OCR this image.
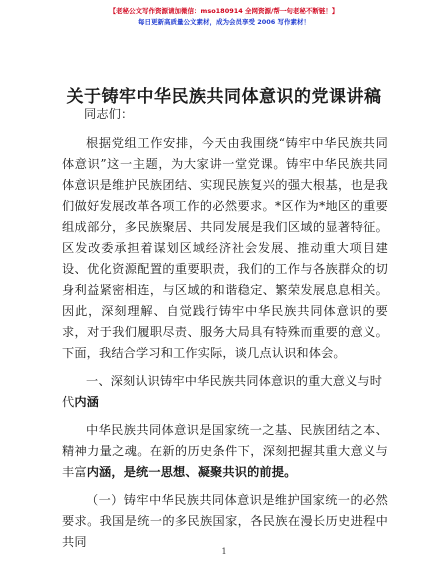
【老秘公文写作资源请加微信：mso180914 全网资源/帮一句老秘不断链！】
每日更新高质量公文素材，成为会员享受 2006 写作素材！
关于铸牢中华民族共同体意识的党课讲稿

同志们：

根据党组工作安排，今天由我围绕“铸牢中华民族共同体意识”这一主题，为大家讲一堂党课。铸牢中华民族共同体意识是维护民族团结、实现民族复兴的强大根基，也是我们做好发展改革各项工作的必然要求。*区作为*地区的重要组成部分，多民族聚居、共同发展是我们区域的显著特征。区发改委承担着谋划区域经济社会发展、推动重大项目建设、优化资源配置的重要职责，我们的工作与各族群众的切身利益紧密相连，与区域的和谐稳定、繁荣发展息息相关。因此，深刻理解、自觉践行铸牢中华民族共同体意识的要求，对于我们履职尽责、服务大局具有特殊而重要的意义。下面，我结合学习和工作实际，谈几点认识和体会。

一、深刻认识铸牢中华民族共同体意识的重大意义与时代内涵

中华民族共同体意识是国家统一之基、民族团结之本、精神力量之魂。在新的历史条件下，深刻把握其重大意义与丰富内涵，是统一思想、凝聚共识的前提。

（一）铸牢中华民族共同体意识是维护国家统一的必然要求。我国是统一的多民族国家，各民族在漫长历史进程中共同

1
